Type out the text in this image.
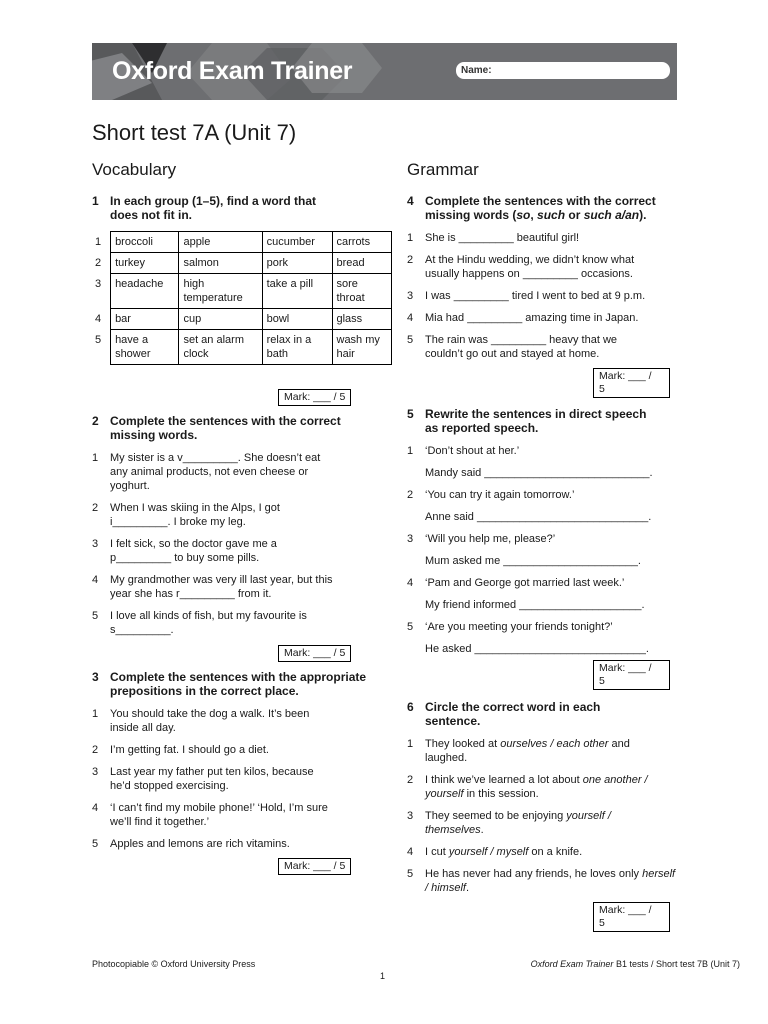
Oxford Exam Trainer	Name:
Short test 7A (Unit 7)
Vocabulary
1 In each group (1–5), find a word that
does not fit in.
1	broccoli	apple	cucumber	carrots
2	turkey	salmon	pork	bread
3	headache	high temperature	take a pill	sore throat
4	bar	cup	bowl	glass
5	have a shower	set an alarm clock	relax in a bath	wash my hair
Mark: ___ / 5
2 Complete the sentences with the correct
missing words.
1	My sister is a v_________. She doesn’t eat any animal products, not even cheese or yoghurt.
2	When I was skiing in the Alps, I got i_________. I broke my leg.
3	I felt sick, so the doctor gave me a p_________ to buy some pills.
4	My grandmother was very ill last year, but this year she has r_________ from it.
5	I love all kinds of fish, but my favourite is s_________.
Mark: ___ / 5
3 Complete the sentences with the appropriate
prepositions in the correct place.
1	You should take the dog a walk. It’s been inside all day.
2	I’m getting fat. I should go a diet.
3	Last year my father put ten kilos, because he’d stopped exercising.
4	‘I can’t find my mobile phone!’ ‘Hold, I’m sure we’ll find it together.’
5	Apples and lemons are rich vitamins.
Mark: ___ / 5
Grammar
4 Complete the sentences with the correct
missing words (so, such or such a/an).
1	She is _________ beautiful girl!
2	At the Hindu wedding, we didn’t know what usually happens on _________ occasions.
3	I was _________ tired I went to bed at 9 p.m.
4	Mia had _________ amazing time in Japan.
5	The rain was _________ heavy that we couldn’t go out and stayed at home.
Mark: ___ /
5
5 Rewrite the sentences in direct speech
as reported speech.
1	‘Don’t shout at her.’
Mandy said ___________________________.
2	‘You can try it again tomorrow.’
Anne said ____________________________.
3	‘Will you help me, please?’
Mum asked me ______________________.
4	‘Pam and George got married last week.’
My friend informed ____________________.
5	‘Are you meeting your friends tonight?’
He asked ____________________________.
Mark: ___ /
5
6 Circle the correct word in each
sentence.
1	They looked at ourselves / each other and laughed.
2	I think we’ve learned a lot about one another / yourself in this session.
3	They seemed to be enjoying yourself / themselves.
4	I cut yourself / myself on a knife.
5	He has never had any friends, he loves only herself / himself.
Mark: ___ /
5
Photocopiable © Oxford University Press	Oxford Exam Trainer B1 tests / Short test 7B (Unit 7)
1
